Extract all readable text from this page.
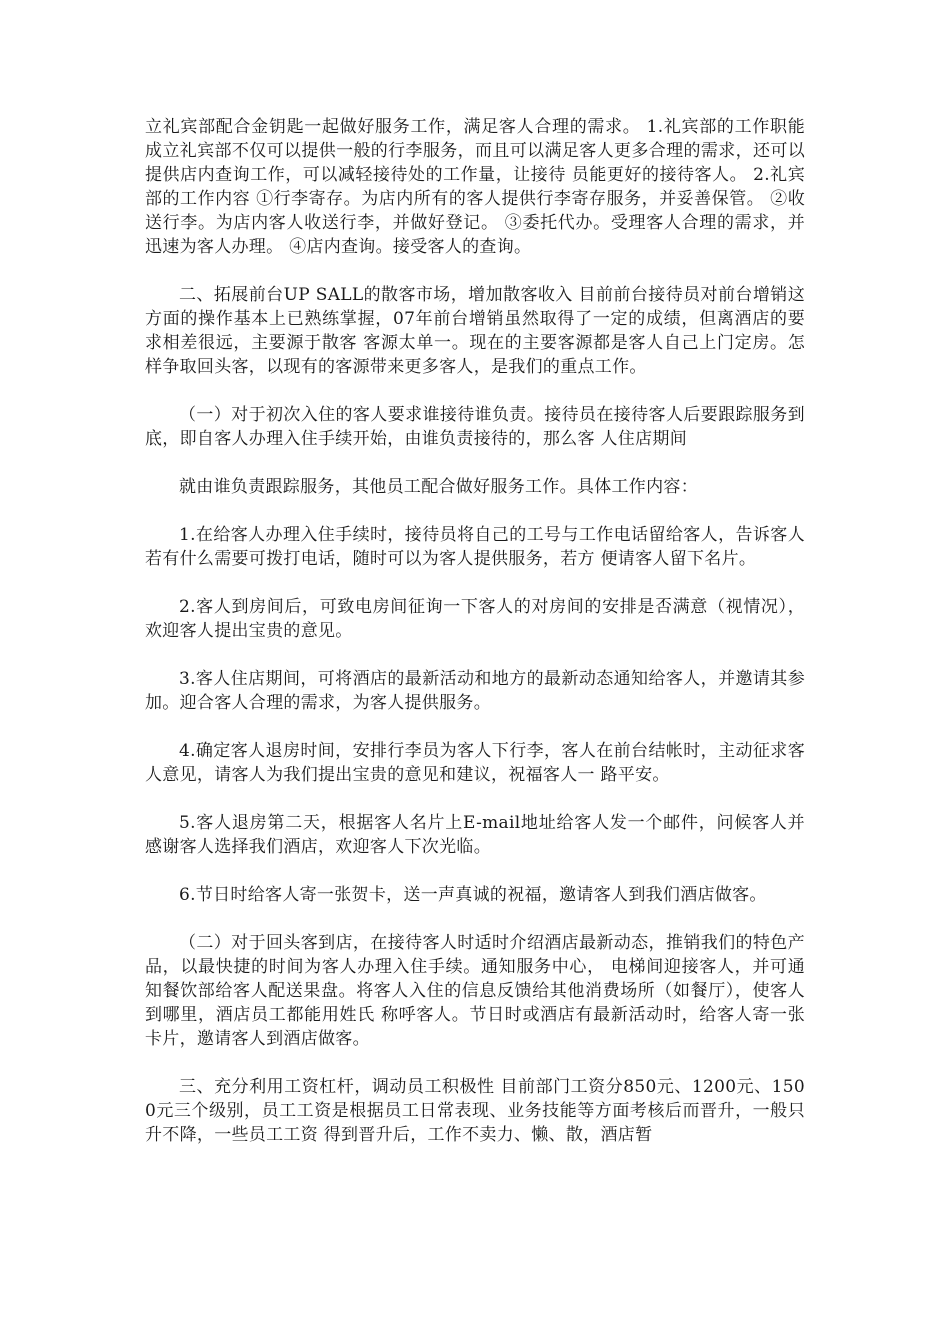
立礼宾部配合金钥匙一起做好服务工作，满足客人合理的需求。 1.礼宾部的工作职能 成立礼宾部不仅可以提供一般的行李服务，而且可以满足客人更多合理的需求，还可以提供店内查询工作，可以减轻接待处的工作量，让接待 员能更好的接待客人。 2.礼宾部的工作内容 ①行李寄存。为店内所有的客人提供行李寄存服务，并妥善保管。 ②收送行李。为店内客人收送行李，并做好登记。 ③委托代办。受理客人合理的需求，并迅速为客人办理。 ④店内查询。接受客人的查询。

二、拓展前台UP SALL的散客市场，增加散客收入 目前前台接待员对前台增销这方面的操作基本上已熟练掌握，07年前台增销虽然取得了一定的成绩，但离酒店的要求相差很远，主要源于散客 客源太单一。现在的主要客源都是客人自己上门定房。怎样争取回头客，以现有的客源带来更多客人，是我们的重点工作。

（一）对于初次入住的客人要求谁接待谁负责。接待员在接待客人后要跟踪服务到底，即自客人办理入住手续开始，由谁负责接待的，那么客 人住店期间

就由谁负责跟踪服务，其他员工配合做好服务工作。具体工作内容：

1.在给客人办理入住手续时，接待员将自己的工号与工作电话留给客人，告诉客人若有什么需要可拨打电话，随时可以为客人提供服务，若方 便请客人留下名片。

2.客人到房间后，可致电房间征询一下客人的对房间的安排是否满意（视情况），欢迎客人提出宝贵的意见。

3.客人住店期间，可将酒店的最新活动和地方的最新动态通知给客人，并邀请其参加。迎合客人合理的需求，为客人提供服务。

4.确定客人退房时间，安排行李员为客人下行李，客人在前台结帐时，主动征求客人意见，请客人为我们提出宝贵的意见和建议，祝福客人一 路平安。

5.客人退房第二天，根据客人名片上E-mail地址给客人发一个邮件，问候客人并感谢客人选择我们酒店，欢迎客人下次光临。

6.节日时给客人寄一张贺卡，送一声真诚的祝福，邀请客人到我们酒店做客。

（二）对于回头客到店，在接待客人时适时介绍酒店最新动态，推销我们的特色产品，以最快捷的时间为客人办理入住手续。通知服务中心， 电梯间迎接客人，并可通知餐饮部给客人配送果盘。将客人入住的信息反馈给其他消费场所（如餐厅），使客人到哪里，酒店员工都能用姓氏 称呼客人。节日时或酒店有最新活动时，给客人寄一张卡片，邀请客人到酒店做客。

三、充分利用工资杠杆，调动员工积极性 目前部门工资分850元、1200元、1500元三个级别，员工工资是根据员工日常表现、业务技能等方面考核后而晋升，一般只升不降，一些员工工资 得到晋升后，工作不卖力、懒、散，酒店暂
